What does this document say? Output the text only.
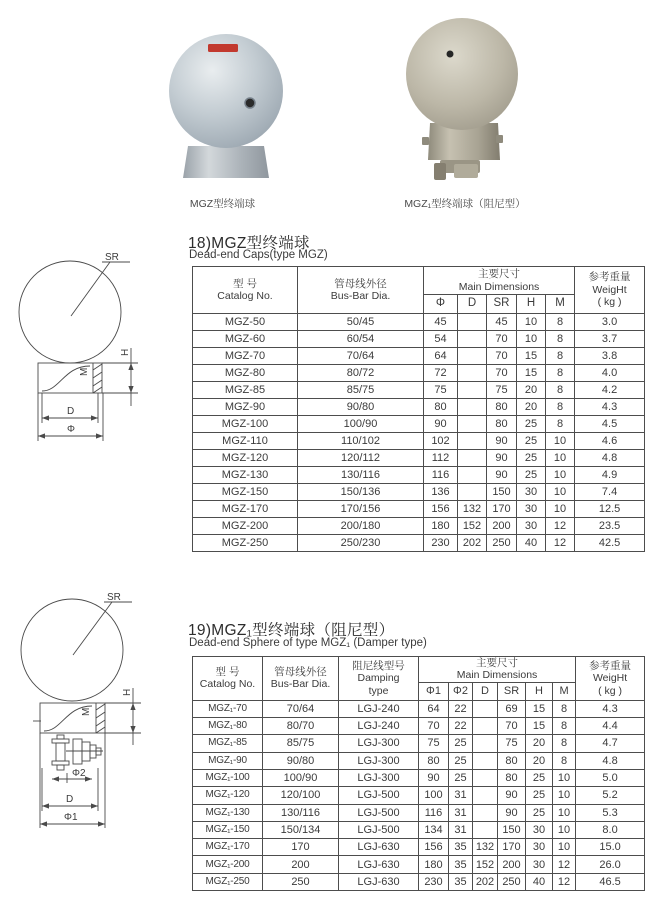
MGZ型终端球	MGZ₁型终端球（阻尼型）
18)MGZ型终端球
Dead-end Caps(type MGZ)
SR
H
M
D
Φ
型 号
Catalog No.	管母线外径
Bus-Bar Dia.	主要尺寸
Main Dimensions					参考重量
WeigHt
( kg )
		Φ	D	SR	H	M	
MGZ-50	50/45	45		45	10	8	3.0
MGZ-60	60/54	54		70	10	8	3.7
MGZ-70	70/64	64		70	15	8	3.8
MGZ-80	80/72	72		70	15	8	4.0
MGZ-85	85/75	75		75	20	8	4.2
MGZ-90	90/80	80		80	20	8	4.3
MGZ-100	100/90	90		80	25	8	4.5
MGZ-110	110/102	102		90	25	10	4.6
MGZ-120	120/112	112		90	25	10	4.8
MGZ-130	130/116	116		90	25	10	4.9
MGZ-150	150/136	136		150	30	10	7.4
MGZ-170	170/156	156	132	170	30	10	12.5
MGZ-200	200/180	180	152	200	30	12	23.5
MGZ-250	250/230	230	202	250	40	12	42.5
19)MGZ₁型终端球（阻尼型）
Dead-end Sphere of type MGZ₁ (Damper type)
SR
H
M
Φ2
D
Φ1
型 号
Catalog No.	管母线外径
Bus-Bar Dia.	阻尼线型号
Damping
type	主要尺寸
Main Dimensions						参考重量
WeigHt
( kg )
			Φ1	Φ2	D	SR	H	M	
MGZ₁-70	70/64	LGJ-240	64	22		69	15	8	4.3
MGZ₁-80	80/70	LGJ-240	70	22		70	15	8	4.4
MGZ₁-85	85/75	LGJ-300	75	25		75	20	8	4.7
MGZ₁-90	90/80	LGJ-300	80	25		80	20	8	4.8
MGZ₁-100	100/90	LGJ-300	90	25		80	25	10	5.0
MGZ₁-120	120/100	LGJ-500	100	31		90	25	10	5.2
MGZ₁-130	130/116	LGJ-500	116	31		90	25	10	5.3
MGZ₁-150	150/134	LGJ-500	134	31		150	30	10	8.0
MGZ₁-170	170	LGJ-630	156	35	132	170	30	10	15.0
MGZ₁-200	200	LGJ-630	180	35	152	200	30	12	26.0
MGZ₁-250	250	LGJ-630	230	35	202	250	40	12	46.5
